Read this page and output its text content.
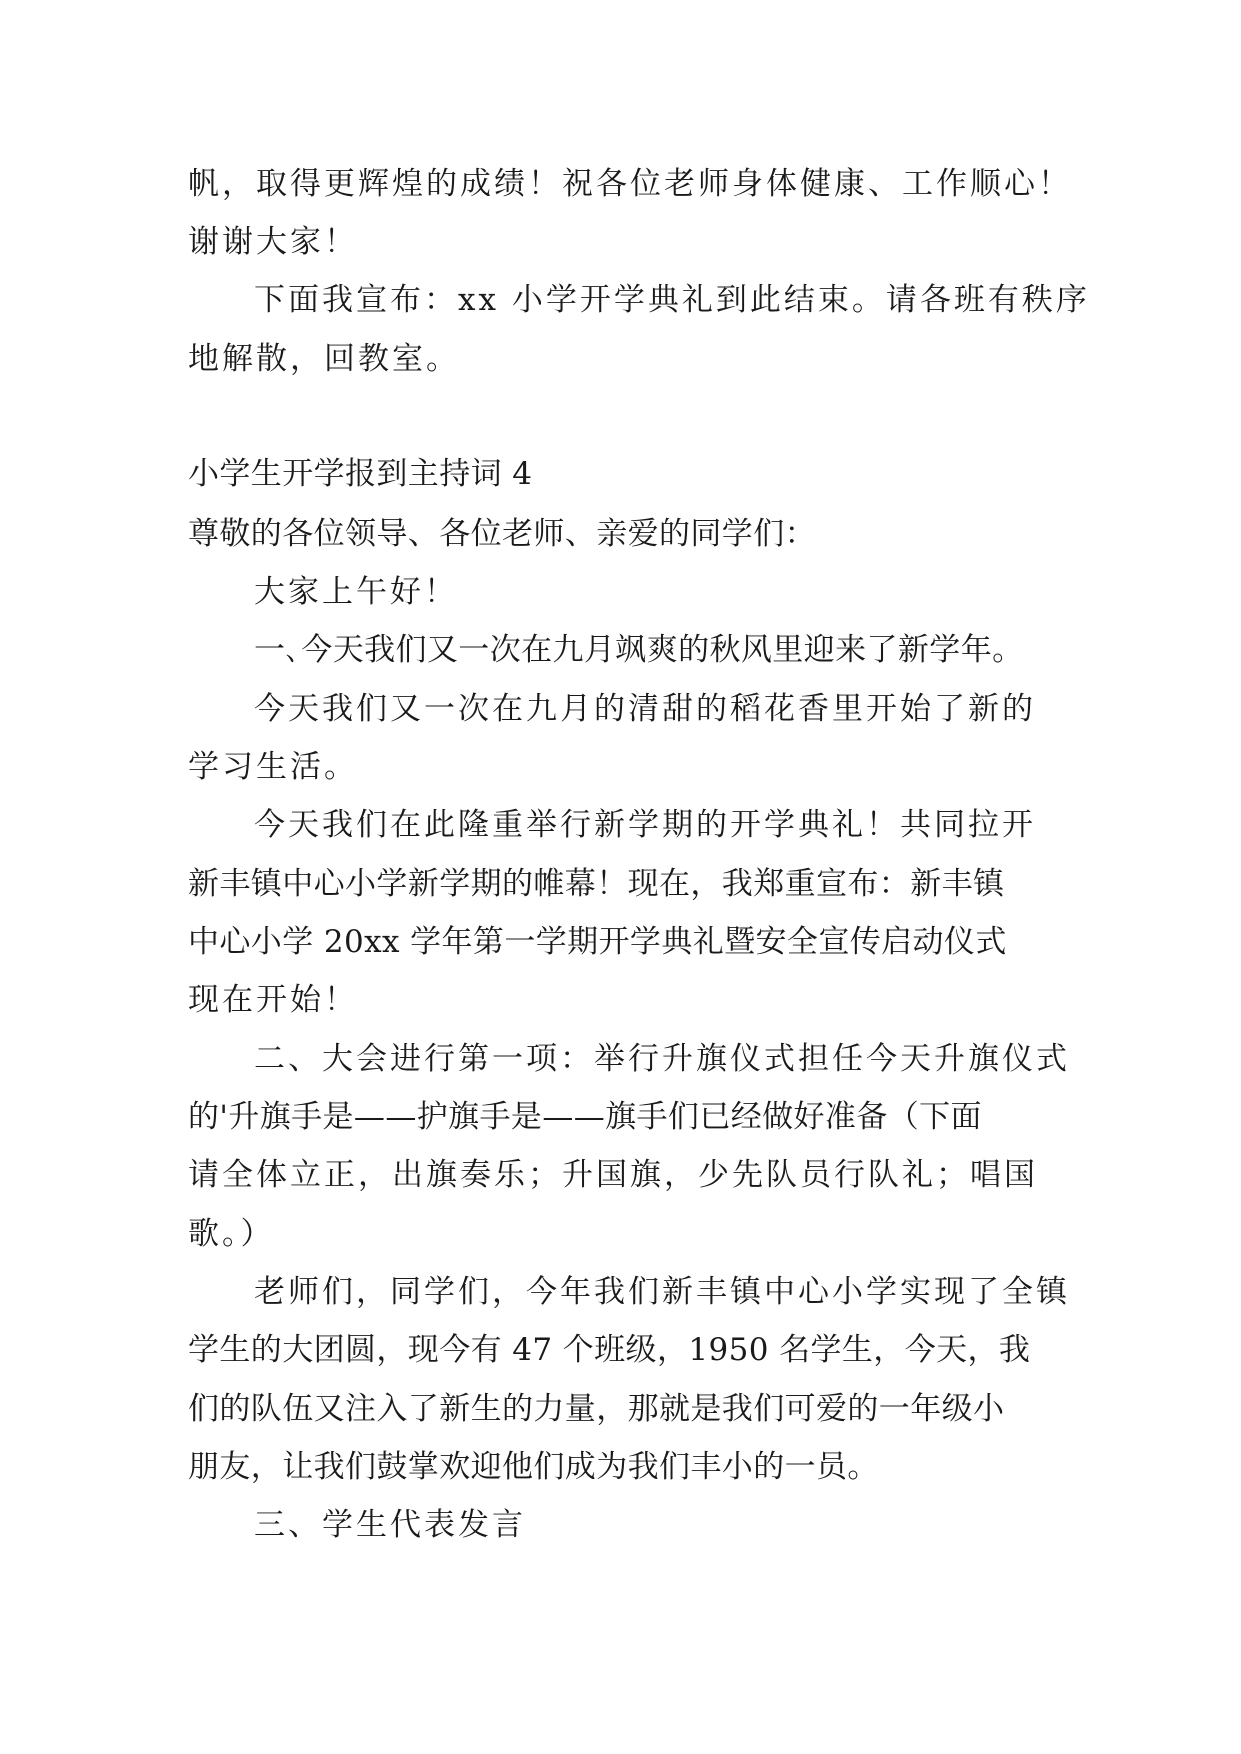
帆，取得更辉煌的成绩！祝各位老师身体健康、工作顺心！
谢谢大家！
下面我宣布：xx 小学开学典礼到此结束。请各班有秩序
地解散，回教室。
小学生开学报到主持词 4
尊敬的各位领导、各位老师、亲爱的同学们：
大家上午好！
一､今天我们又一次在九月飒爽的秋风里迎来了新学年。
今天我们又一次在九月的清甜的稻花香里开始了新的
学习生活。
今天我们在此隆重举行新学期的开学典礼！共同拉开
新丰镇中心小学新学期的帷幕！现在，我郑重宣布：新丰镇
中心小学 20xx 学年第一学期开学典礼暨安全宣传启动仪式
现在开始！
二、大会进行第一项：举行升旗仪式担任今天升旗仪式
的'升旗手是——护旗手是——旗手们已经做好准备（下面
请全体立正，出旗奏乐；升国旗，少先队员行队礼；唱国
歌。）
老师们，同学们，今年我们新丰镇中心小学实现了全镇
学生的大团圆，现今有 47 个班级，1950 名学生，今天，我
们的队伍又注入了新生的力量，那就是我们可爱的一年级小
朋友，让我们鼓掌欢迎他们成为我们丰小的一员。
三、学生代表发言
